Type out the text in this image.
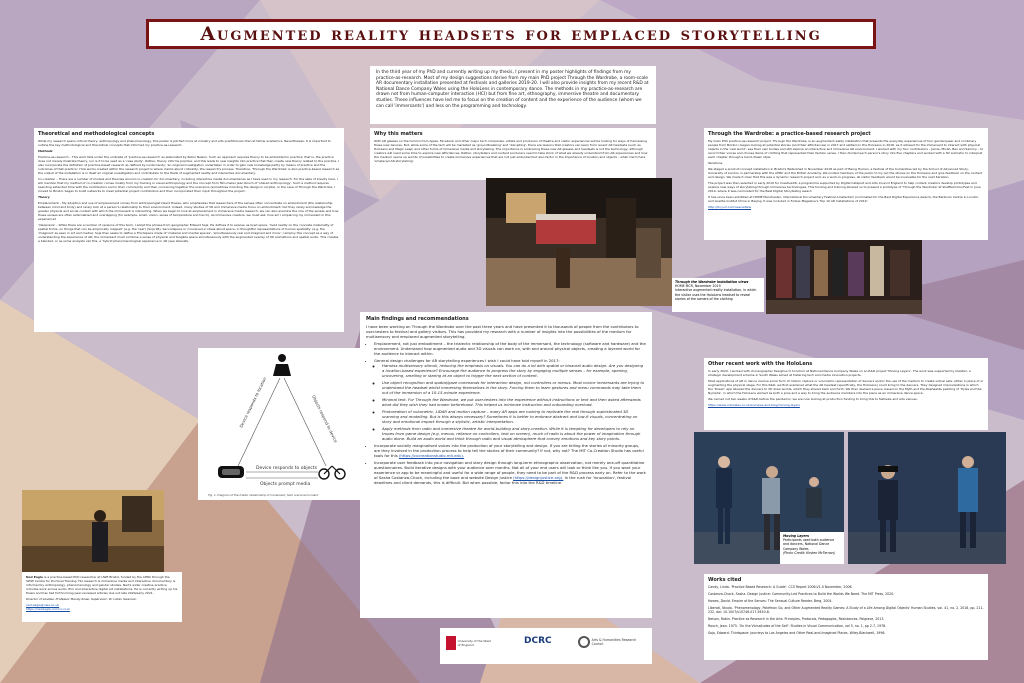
Augmented reality headsets for emplaced storytelling

In the third year of my PhD and currently writing up my thesis, I present in my poster highlights of findings from my practice-as-research. Most of my design suggestions derive from my main PhD project Through the Wardrobe, a room-scale AR documentary installation presented at festivals and galleries 2019-20. I will also provide insights from my recent R&D at National Dance Company Wales using the HoloLens in contemporary dance. The methods in my practice-as-research are drawn not from human-computer interaction (HCI) but from fine art, ethnography, immersive theatre and documentary studies. These influences have led me to focus on the creation of content and the experience of the audience (whom we can call 'immersants') and less on the programming and technology.

Theoretical and methodological concepts

While my research spans critical theory, anthropology and phenomenology, this poster is pitched more at industry and arts practitioners than at fellow academics. Nevertheless, it is important to outline the key methodological and theoretical concepts that informed my practice-as-research.

Methods

Practice-as-research – This work falls under the umbrella of 'practice-as-research' as elaborated by Robin Nelson. Such an approach requires theory to be embedded in practice; that is, the practice does not merely illustrate theory, nor is it to be used as a 'case study'. Rather, theory informs practice, and this leads to new insights into practice that then create new theory related to the practice. I also incorporate the definition of practice-based research as defined by Linda Candy: 'an original investigation undertaken in order to gain new knowledge partly by means of practice and the outcomes of that practice'. How works created within the research project is where claims about criticality, the research's process. Therefore, 'Through the Wardrobe' is also practice-based research as the output of the installation is in itself an original investigation and contribution to the fields of augmented reality and interactive documentary.

Co-creation – There are a number of models and theories around co-creation for documentary, including interactive media documentaries as I have used in my research. For the sake of brevity here, I will mention that my method of co-creation comes mostly from my training in visual anthropology and the concept from film-maker Jean Rouch of 'shared anthropology'. Such a method requires spending extended time with the contributors and in their community and then conceiving together the scenarios (sometimes including the design in scripts). In the case of Through the Wardrobe, I moved to Bristol, began to build networks to meet potential project contributors and then incorporated their input throughout the project.

Theory

Emplacement – My adoption and use of emplacement comes from anthropologist David Howes, who emphasizes that researchers of the senses often concentrate on embodiment (the relationship between mind and body) and rarely look at a person's relationship to their environment. Indeed, many studies of VR and immersive media focus on embodiment, but they rarely acknowledge the greater physical and social context with which the immersant is interacting. When we begin to look at emplacement in immersive media research, we can also examine the role of the senses and how these senses are often externalized and overlapping (for example, smell, vision, sense of temperature and touch). As immersive creators, we must ask: how am I emplacing my immersant in this experience?

'Ideopraxis' – While there are a number of versions of this term, I adopt the phrase from geographer Edward Soja. He defines it to expose us-lived space, 'lived reality on the concrete materiality of spatial forms, on things that can be empirically mapped' (e.g. the 'real') (Soja 96). Secondspace is 'conceived in ideas about space, in thoughtful representations of human spatiality' (e.g. the 'imagined' as seen in art and media). Soja then seeks to define a Thirdspace made of 'material and mental spaces', 'simultaneously real and imagined and more'. I employ this concept as a way of understanding the experience of AR; the immersant must combine a sense of physical and tangible space simultaneously with the augmented overlay of 3D animations and spatial audio. This creates a blended, or as some analysts call this, a 'hybrid phenomenological experience in AR (see Liberati).

Why this matters

With AR glasses on the horizon from Apple, Facebook and other major tech companies, artists and producers of theatre and visitor experiences will be looking for ways of harnessing these new devices. But, while some of the tech will be marketed as 'groundbreaking' and 'disrupting', there are lessons that creators can learn from recent AR headsets (such as HoloLens and Magic Leap) and other forms of immersive media and storytelling. The importance in embracing these new AR glasses and headsets is not the technology, although creators will need some time to explore new affordances. Rather, storytellers and content producers need to take stock of what we already understand from AR experiences and how the medium opens up worlds of possibilities to create immersive experiences that are not just embodied but also factor in the importance of location and objects – what I term here 'emplaced AR storytelling'.

Through the Wardrobe installation views
HOME MCR, November 2019
Interactive augmented reality installation, in which the visitor uses the HoloLens headset to reveal stories of the owners of the clothing
Through the Wardrobe: a practice-based research project

My main PhD practice-as-research project, Through the Wardrobe, is an augmented reality installation that presents the everyday experiences of four genderqueer and nonbinary people from Bristol. I began looking at potential stories (and their affordances) in 2017 and settled on the HoloLens in 2018, as it allowed for the immersant to interact with physical objects in the 'real world', see their own bodies and still explore an interactive and immersive AR environment. I worked with my four contributors – Jamie, Micah, Bex and Sammy – to record their voices and choose items of clothing that represented their fashion sense. I then divided each person's story into five chapters and worked with a 3D animator to interpret each chapter through a hand-drawn style.

Iterations

We staged a proof-of-concept installation in Bristol's Watershed in November 2018 as part of Being Human, a festival of the humanities led by the School of Advanced Study, University of London in partnership with the AHRC and the British Academy. We invited members of the public to try out the stories on the HoloLens and give feedback on the content and design. We made it clear that this was a dynamic research project and, as a work-in-progress, all visitor feedback would be invaluable for the next iteration.

The project was then selected in early 2019 for CreativeXR, a programme supported by Digital Catapult and Arts Council England to help content creators develop prototypes and explore new ways of storytelling through immersive technologies. This funding and training allowed us to present a prototype of 'Through the Wardrobe' at Sheffield Doc/Fest in June 2019, where it was nominated for the Best Digital Storytelling Award.

It has since been exhibited at HOME Manchester, International Documentary Festival Amsterdam (nominated for the Best Digital Experience Award), the Barbican Centre in London and Goethe Institut China in Beijing. It was included in Forbes Magazine's 'Top 10 AR Installations of 2019.'

http://tinyurl.com/seenw8ew

Device responds to location	Objects respond to device
Device responds to objects
Objects prompt media
Fig. 1: Diagram of the triadic relationship of immersant, tech and environment

Ned Eagle is a practice-based PhD researcher at UWE Bristol, funded by the AHRC through the SWW Centre for Doctoral Training. His research is immersive media and interactive documentary is informed by anthropology, phenomenology and gender studies. Ned's wider creative practice includes work across audio, film and interactive digital art installations. He is currently writing up his thesis and has had forthcoming peer-reviewed articles due out late 2020/early 2021.

Director of studies: Professor Mandy Rose; Supervisor: Dr Lillian Swanson

ned.eagle@uwe.ac.uk
https://nedeagle.com/vr-xr-ar

Main findings and recommendations

I have been working on Through the Wardrobe over the past three years and have presented it to thousands of people from the contributors to user-testers to festival and gallery visitors. This has provided my research with a number of insights into the possibilities of the medium for multisensory and emplaced augmented storytelling.

• Emplacement, not just embodiment – the trialectic relationship of the body of the immersant, the technology (software and hardware) and the environment. Understand how augmented audio and 3D visuals can work on, with and around physical objects, creating a layered world for the audience to interact within.
• General design challenges for AR storytelling experiences I wish I could have told myself in 2017:
◦ Harness multisensory stimuli, reducing the emphasis on visuals. You can do a lot with spatial or binaural audio design. Are you designing a location-based experience? Encourage the audience to progress the story by engaging multiple senses – for example, opening, uncovering, smelling or staring at an object to trigger the next section of content.
◦ Use object recognition and spatial/gaze commands for interaction design, not controllers or menus. Most novice immersants are trying to understand the headset whilst immersing themselves in the story. Forcing them to learn gestures and menu commands may take them out of the immersion of a 10-15-minute experience.
◦ Minimal text. For Through the Wardrobe, we put user-testers into the experience without instructions or text and then asked afterwards what did they wish they had known beforehand. This helped us minimize instruction and onboarding overload.
◦ Photorealism of volumetric, LiDAR and motion capture – many AR apps are rushing to replicate the real through sophisticated 3D scanning and modelling. But is this always necessary? Sometimes it is better to embrace abstract and low-fi visuals, concentrating on story and emotional impact through a stylistic, artistic interpretation.
◦ Apply methods from radio and immersive theatre for world-building and story-creation. While it is tempting for developers to rely on tropes from game design (e.g. menus, reliance on controllers, text on screen), much of radio is about the power of imagination through audio alone. Build an audio world and think through radio and visual atmosphere that convey emotions and key story points.
• Incorporate socially marginalised voices into the production of your storytelling and design. If you are telling the stories of minority groups, are they involved in the production process to help tell the stories of their community? If not, why not? The MIT Co-Creation Studio has useful tools for this (https://cocreationstudio.mit.edu).
• Incorporate user feedback into your navigation and story design through long-term ethnographic observation, not merely one-off quantitative questionnaires. Build iterative designs with your audience over months. Not all of your end users will look or think like you. If you want your experience or app to be meaningful and useful for a wide range of people, they need to be part of the R&D process early on. Refer to the work of Sasha Costanza-Chock, including the book and website Design Justice (https://designjustice.org). In the rush for 'innovation', festival deadlines and client demands, this is difficult. But when possible, factor this into the R&D timeline.
Other recent work with the HoloLens

In early 2020, I worked with choreographer Fearghus Ó Conchúir at National Dance Company Wales on an R&D project 'Moving Layers'. The work was supported by Clwstwr, a strategic development scheme in South Wales aimed at fostering tech and media innovation projects.

Most applications of AR in dance involve some form of motion capture or volumetric representation of dancers and/or the use of the medium to create virtual sets, either in place of or augmenting the physical stage. For this R&D, we first examined what the AR headset (specifically, the HoloLens) could bring to the dancers. They designed improvisations in which the 'Drawn' app allowed the dancers to 3D draw worlds, which they shared back and forth. We then devised a piece, based on the Myth and Pre-Raphaelite painting of 'Hylas and the Nymphs', in which the HoloLens worked as both a prop and a way to bring the audience members into the piece as an immersive dance space.

We carried out two weeks of R&D before the pandemic; we are now looking at production funding to bring this to festivals and arts venues.

https://www.ndcwales.co.uk/en/news-and-blog/moving-layers

Moving Layers
Participants used both audience and dancers, National Dance Company Wales
(Photo Credit: Kirsten McTernan)
Works cited

Candy, Linda. 'Practice Based Research: A Guide'. CCS Report 2006-V1.0 November, 2006.

Costanza-Chock, Sasha. Design Justice: Community-Led Practices to Build the Worlds We Need. The MIT Press, 2020.

Howes, David. Empire of the Senses: The Sensual Culture Reader. Berg, 2004.

Liberati, Nicola. 'Phenomenology, Pokémon Go, and Other Augmented Reality Games: A Study of a Life Among Digital Objects' Human Studies, vol. 41, no. 2, 2018, pp. 211-232, doi: 10.1007/s10746-017-9450-8.

Nelson, Robin. Practice as Research in the Arts: Principles, Protocols, Pedagogies, Resistances. Palgrave, 2013.

Rouch, Jean. 1975. 'On the Vicissitudes of the Self'. Studies in Visual Communication, vol 5, no. 1, pp 2-7, 1978.

Soja, Edward. Thirdspace: Journeys to Los Angeles and Other Real-and-Imagined Places. Wiley-Blackwell, 1996.

University of the West of England	DCRC	Arts & Humanities Research Council
